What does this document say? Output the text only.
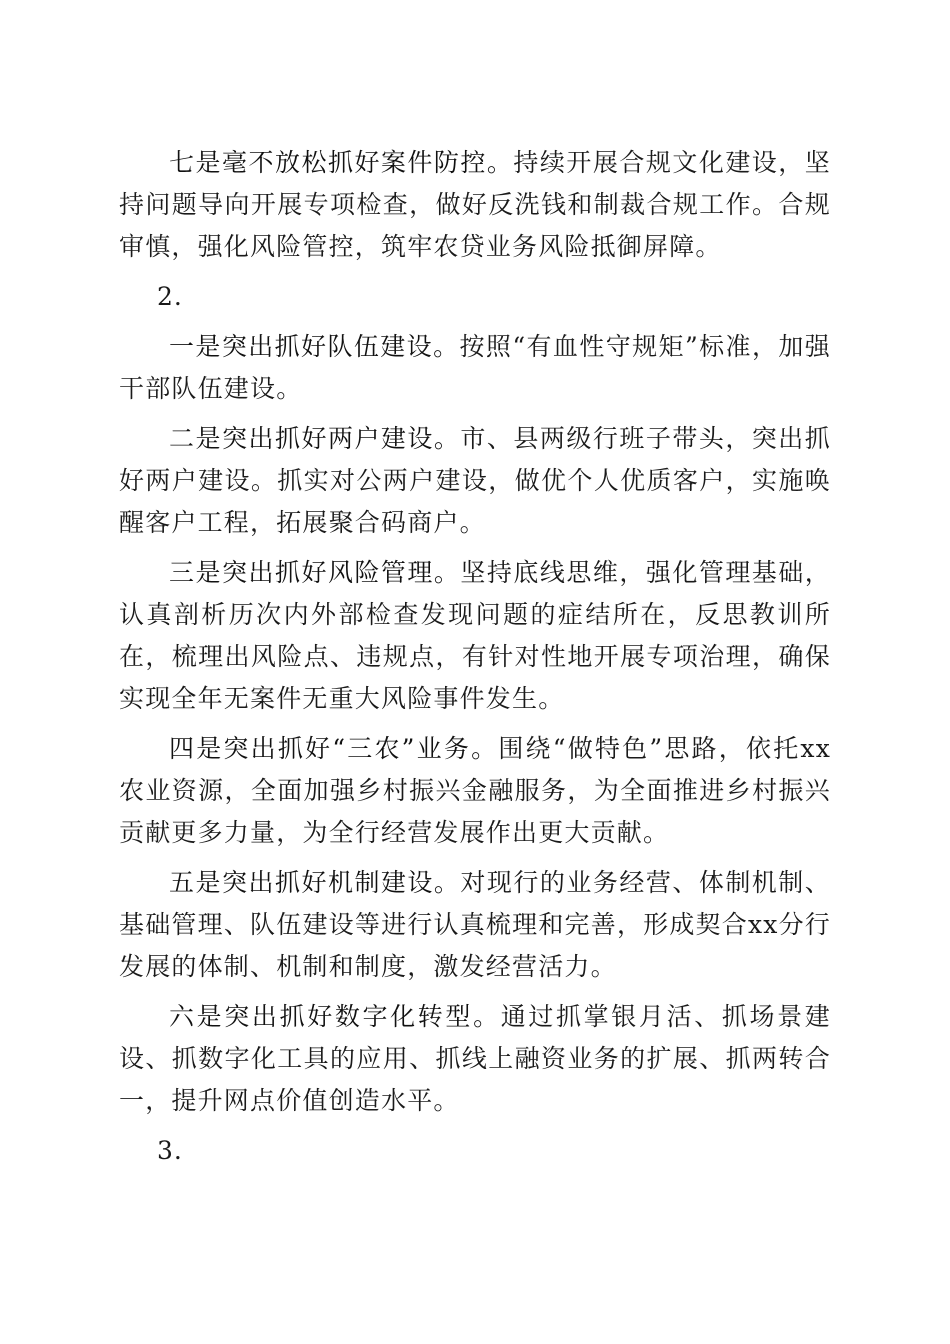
七是毫不放松抓好案件防控。持续开展合规文化建设，坚持问题导向开展专项检查，做好反洗钱和制裁合规工作。合规审慎，强化风险管控，筑牢农贷业务风险抵御屏障。

2.

一是突出抓好队伍建设。按照“有血性守规矩”标准，加强干部队伍建设。

二是突出抓好两户建设。市、县两级行班子带头，突出抓好两户建设。抓实对公两户建设，做优个人优质客户，实施唤醒客户工程，拓展聚合码商户。

三是突出抓好风险管理。坚持底线思维，强化管理基础，认真剖析历次内外部检查发现问题的症结所在，反思教训所在，梳理出风险点、违规点，有针对性地开展专项治理，确保实现全年无案件无重大风险事件发生。

四是突出抓好“三农”业务。围绕“做特色”思路，依托xx农业资源，全面加强乡村振兴金融服务，为全面推进乡村振兴贡献更多力量，为全行经营发展作出更大贡献。

五是突出抓好机制建设。对现行的业务经营、体制机制、基础管理、队伍建设等进行认真梳理和完善，形成契合xx分行发展的体制、机制和制度，激发经营活力。

六是突出抓好数字化转型。通过抓掌银月活、抓场景建设、抓数字化工具的应用、抓线上融资业务的扩展、抓两转合一，提升网点价值创造水平。

3.
